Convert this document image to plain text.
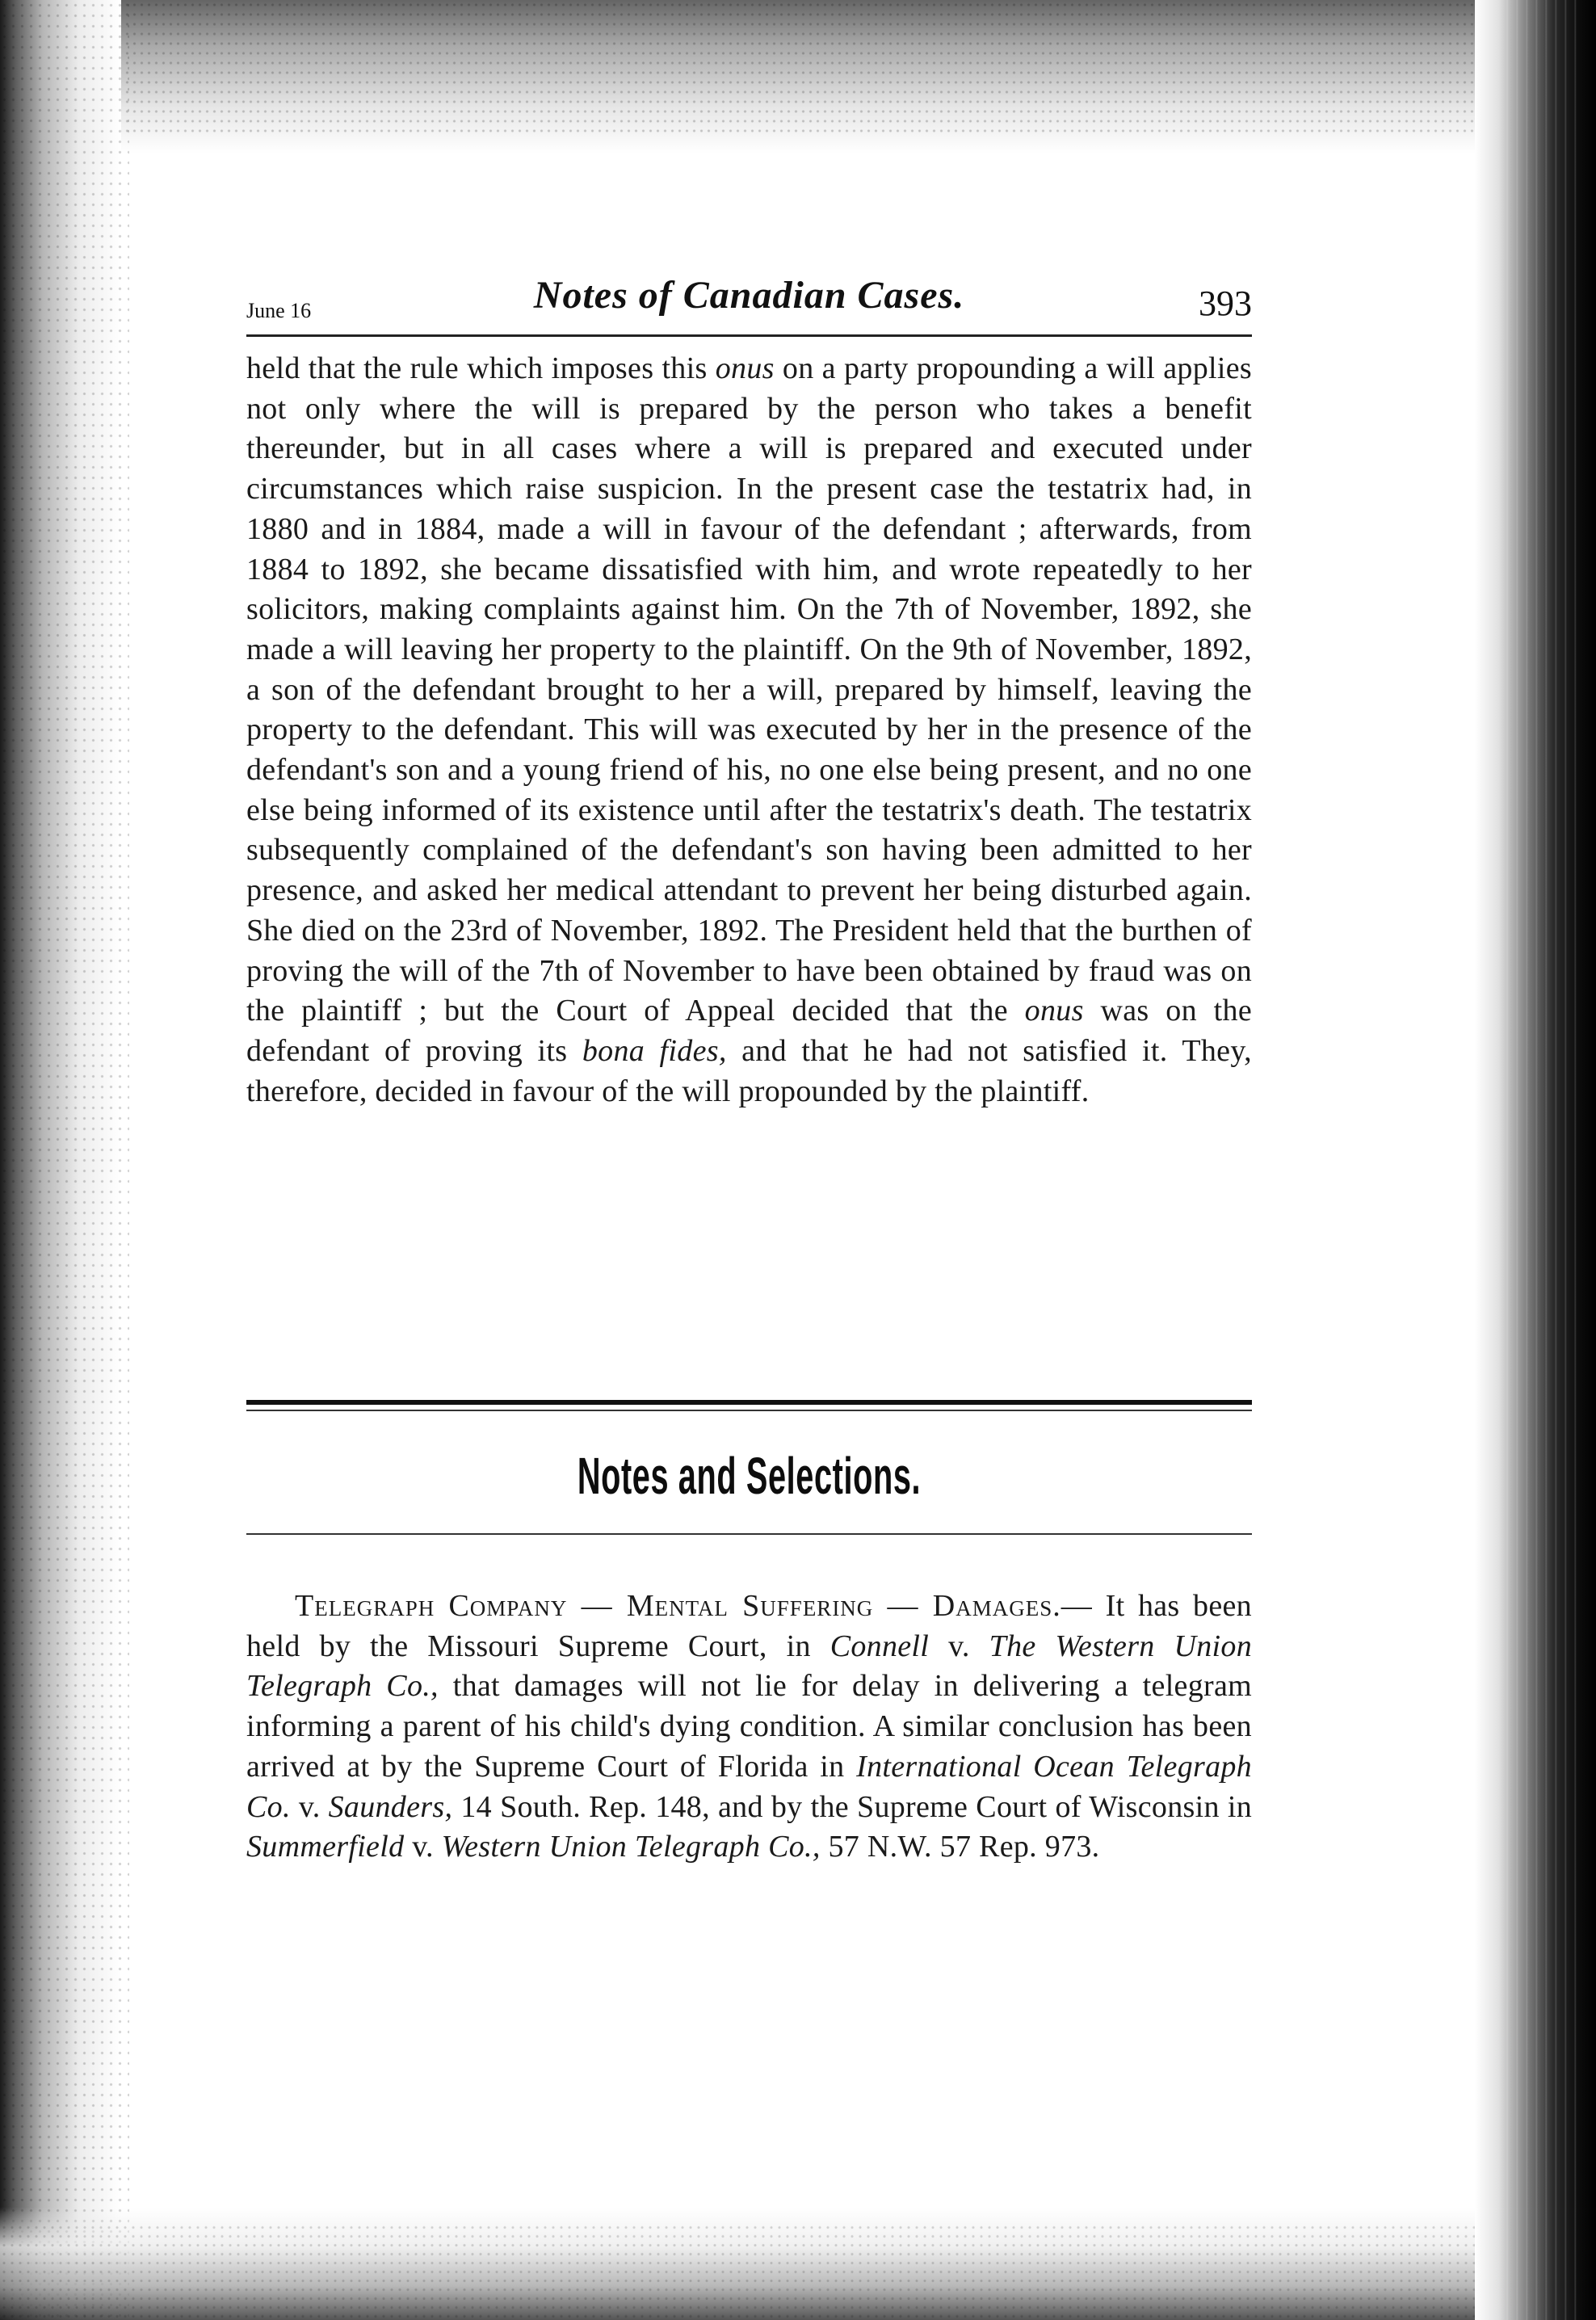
June 16	Notes of Canadian Cases.	393

held that the rule which imposes this onus on a party propounding a will applies not only where the will is prepared by the person who takes a benefit thereunder, but in all cases where a will is prepared and executed under circumstances which raise suspicion. In the present case the testatrix had, in 1880 and in 1884, made a will in favour of the defendant ; afterwards, from 1884 to 1892, she became dissatisfied with him, and wrote repeatedly to her solicitors, making complaints against him. On the 7th of November, 1892, she made a will leaving her property to the plaintiff. On the 9th of November, 1892, a son of the defendant brought to her a will, prepared by himself, leaving the property to the defendant. This will was executed by her in the presence of the defendant's son and a young friend of his, no one else being present, and no one else being informed of its existence until after the testatrix's death. The testatrix subsequently complained of the defendant's son having been admitted to her presence, and asked her medical attendant to prevent her being disturbed again. She died on the 23rd of November, 1892. The President held that the burthen of proving the will of the 7th of November to have been obtained by fraud was on the plaintiff ; but the Court of Appeal decided that the onus was on the defendant of proving its bona fides, and that he had not satisfied it. They, therefore, decided in favour of the will propounded by the plaintiff.

Notes and Selections.

Telegraph Company — Mental Suffering — Damages.— It has been held by the Missouri Supreme Court, in Connell v. The Western Union Telegraph Co., that damages will not lie for delay in delivering a telegram informing a parent of his child's dying condition. A similar conclusion has been arrived at by the Supreme Court of Florida in International Ocean Telegraph Co. v. Saunders, 14 South. Rep. 148, and by the Supreme Court of Wisconsin in Summerfield v. Western Union Telegraph Co., 57 N.W. 57 Rep. 973.
